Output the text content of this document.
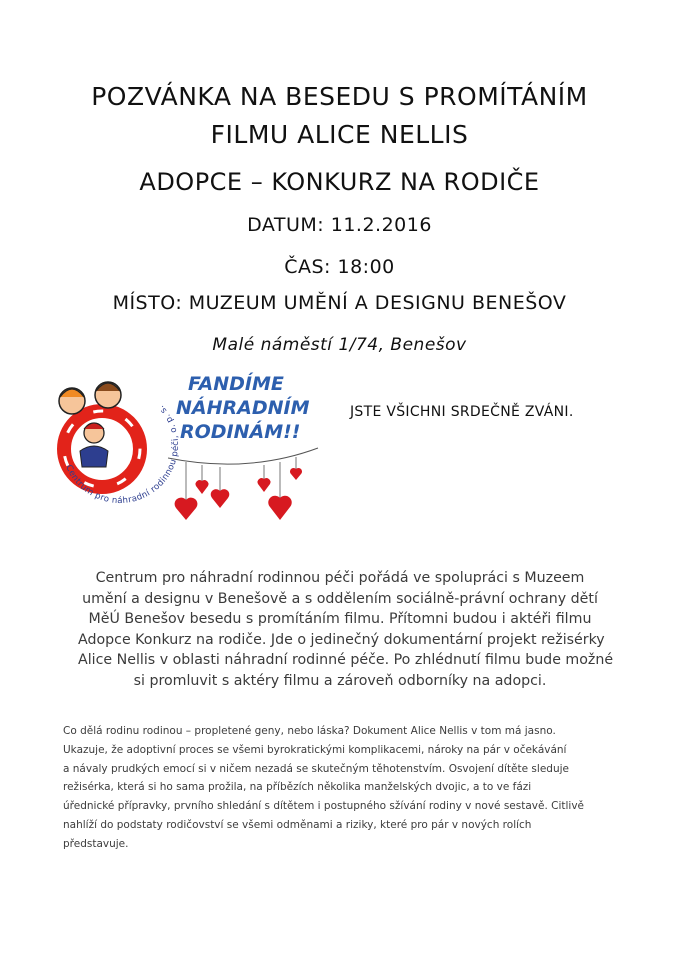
POZVÁNKA NA BESEDU S PROMÍTÁNÍM
FILMU ALICE NELLIS
ADOPCE – KONKURZ NA RODIČE
DATUM: 11.2.2016
ČAS: 18:00
MÍSTO: MUZEUM UMĚNÍ A DESIGNU BENEŠOV
Malé náměstí 1/74, Benešov
Centrum pro náhradní rodinnou péči, o. p. s.
FANDÍME
NÁHRADNÍM
RODINÁM!!
JSTE VŠICHNI SRDEČNĚ ZVÁNI.

Centrum pro náhradní rodinnou péči pořádá ve spolupráci s Muzeem

umění a designu v Benešově a s oddělením sociálně-právní ochrany dětí

MěÚ Benešov besedu s promítáním filmu. Přítomni budou i aktéři filmu

Adopce Konkurz na rodiče. Jde o jedinečný dokumentární projekt režisérky

Alice Nellis v oblasti náhradní rodinné péče. Po zhlédnutí filmu bude možné

si promluvit s aktéry filmu a zároveň odborníky na adopci.

Co dělá rodinu rodinou – propletené geny, nebo láska? Dokument Alice Nellis v tom má jasno.

Ukazuje, že adoptivní proces se všemi byrokratickými komplikacemi, nároky na pár v očekávání

a návaly prudkých emocí si v ničem nezadá se skutečným těhotenstvím. Osvojení dítěte sleduje

režisérka, která si ho sama prožila, na příbězích několika manželských dvojic, a to ve fázi

úřednické přípravky, prvního shledání s dítětem i postupného sžívání rodiny v nové sestavě. Citlivě

nahlíží do podstaty rodičovství se všemi odměnami a riziky, které pro pár v nových rolích

představuje.
